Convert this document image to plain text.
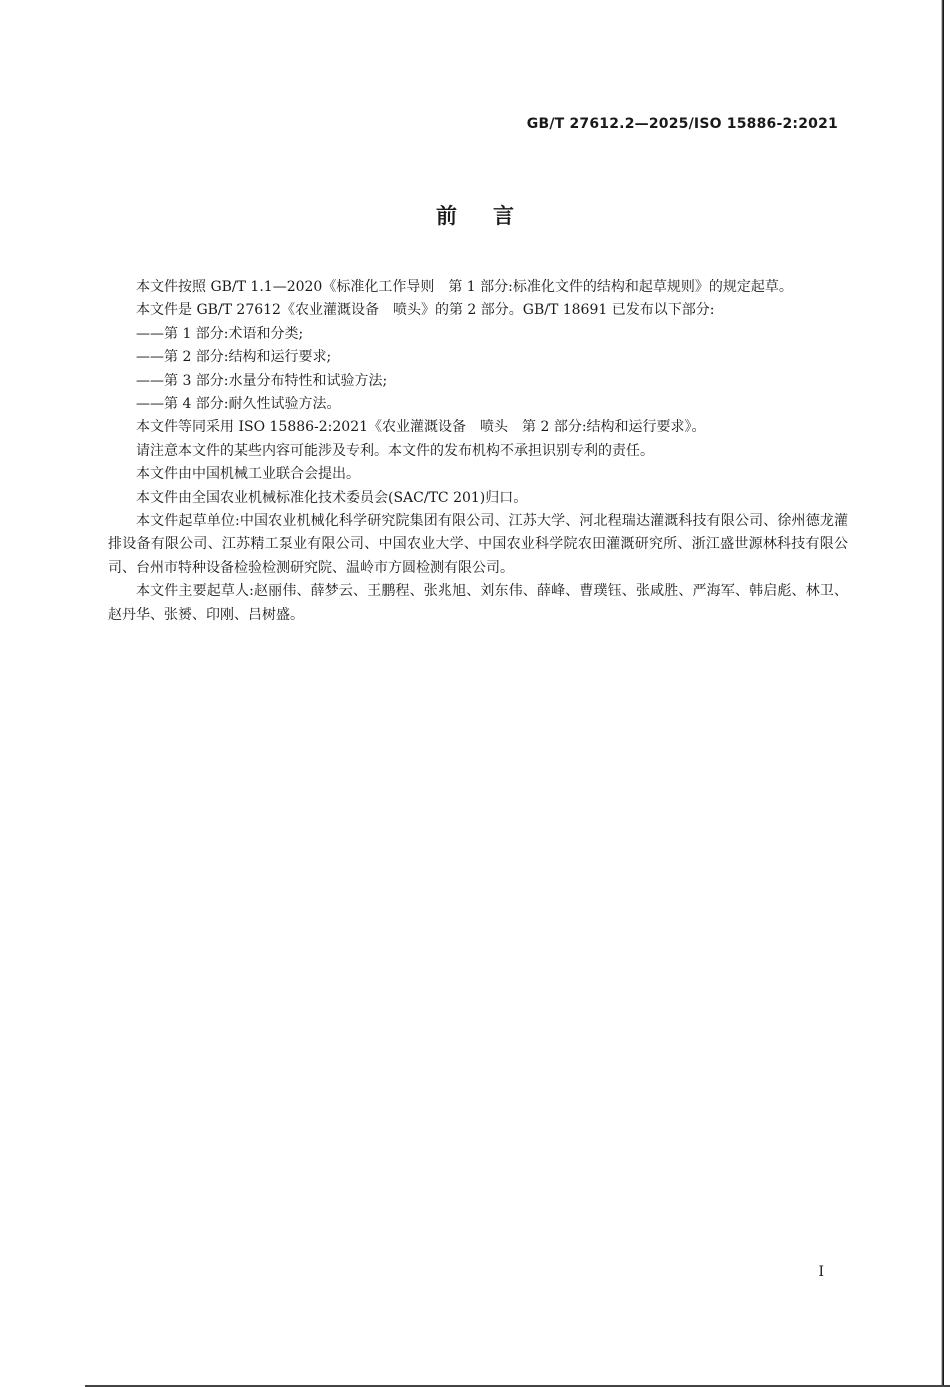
GB/T 27612.2—2025/ISO 15886-2:2021
前言

本文件按照 GB/T 1.1—2020《标准化工作导则　第 1 部分:标准化文件的结构和起草规则》的规定起草。

本文件是 GB/T 27612《农业灌溉设备　喷头》的第 2 部分。GB/T 18691 已发布以下部分:

——第 1 部分:术语和分类;

——第 2 部分:结构和运行要求;

——第 3 部分:水量分布特性和试验方法;

——第 4 部分:耐久性试验方法。

本文件等同采用 ISO 15886-2:2021《农业灌溉设备　喷头　第 2 部分:结构和运行要求》。

请注意本文件的某些内容可能涉及专利。本文件的发布机构不承担识别专利的责任。

本文件由中国机械工业联合会提出。

本文件由全国农业机械标准化技术委员会(SAC/TC 201)归口。

本文件起草单位:中国农业机械化科学研究院集团有限公司、江苏大学、河北程瑞达灌溉科技有限公司、徐州德龙灌排设备有限公司、江苏精工泵业有限公司、中国农业大学、中国农业科学院农田灌溉研究所、浙江盛世源林科技有限公司、台州市特种设备检验检测研究院、温岭市方圆检测有限公司。

本文件主要起草人:赵丽伟、薛梦云、王鹏程、张兆旭、刘东伟、薛峰、曹璞钰、张咸胜、严海军、韩启彪、林卫、赵丹华、张赟、印刚、吕树盛。

I
